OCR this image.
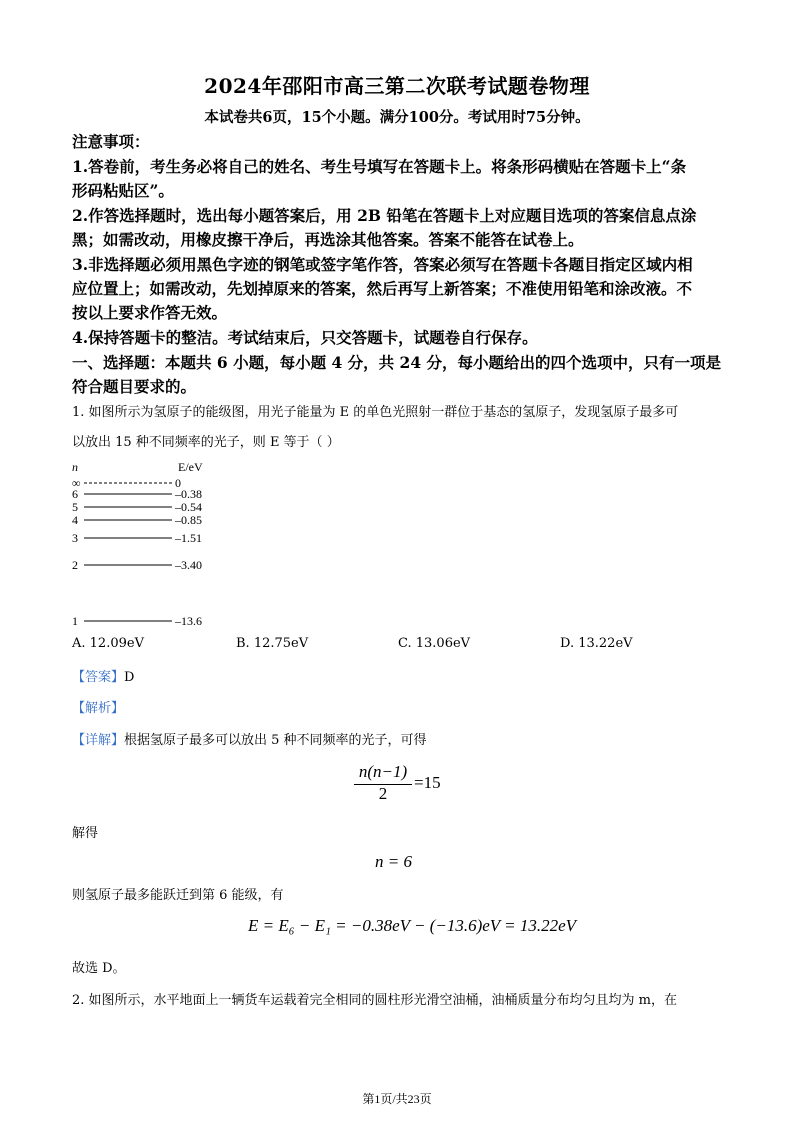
2024年邵阳市高三第二次联考试题卷物理
本试卷共6页，15个小题。满分100分。考试用时75分钟。
注意事项：
1.答卷前，考生务必将自己的姓名、考生号填写在答题卡上。将条形码横贴在答题卡上“条
形码粘贴区”。
2.作答选择题时，选出每小题答案后，用 2B 铅笔在答题卡上对应题目选项的答案信息点涂
黑；如需改动，用橡皮擦干净后，再选涂其他答案。答案不能答在试卷上。
3.非选择题必须用黑色字迹的钢笔或签字笔作答，答案必须写在答题卡各题目指定区域内相
应位置上；如需改动，先划掉原来的答案，然后再写上新答案；不准使用铅笔和涂改液。不
按以上要求作答无效。
4.保持答题卡的整洁。考试结束后，只交答题卡，试题卷自行保存。
一、选择题：本题共 6 小题，每小题 4 分，共 24 分，每小题给出的四个选项中，只有一项是
符合题目要求的。
1. 如图所示为氢原子的能级图，用光子能量为 E 的单色光照射一群位于基态的氢原子，发现氢原子最多可
以放出 15 种不同频率的光子，则 E 等于（ ）
n	E/eV
∞	0
6	–0.38
5	–0.54
4	–0.85
3	–1.51
2	–3.40
1	–13.6
A. 12.09eV	B. 12.75eV	C. 13.06eV	D. 13.22eV
【答案】D
【解析】
【详解】根据氢原子最多可以放出 5 种不同频率的光子，可得
n(n−1)
2
=15
解得
n = 6
则氢原子最多能跃迁到第 6 能级，有
E = E₆ − E₁ = −0.38eV − (−13.6)eV = 13.22eV
故选 D。
2. 如图所示，水平地面上一辆货车运载着完全相同的圆柱形光滑空油桶，油桶质量分布均匀且均为 m，在
第1页/共23页
